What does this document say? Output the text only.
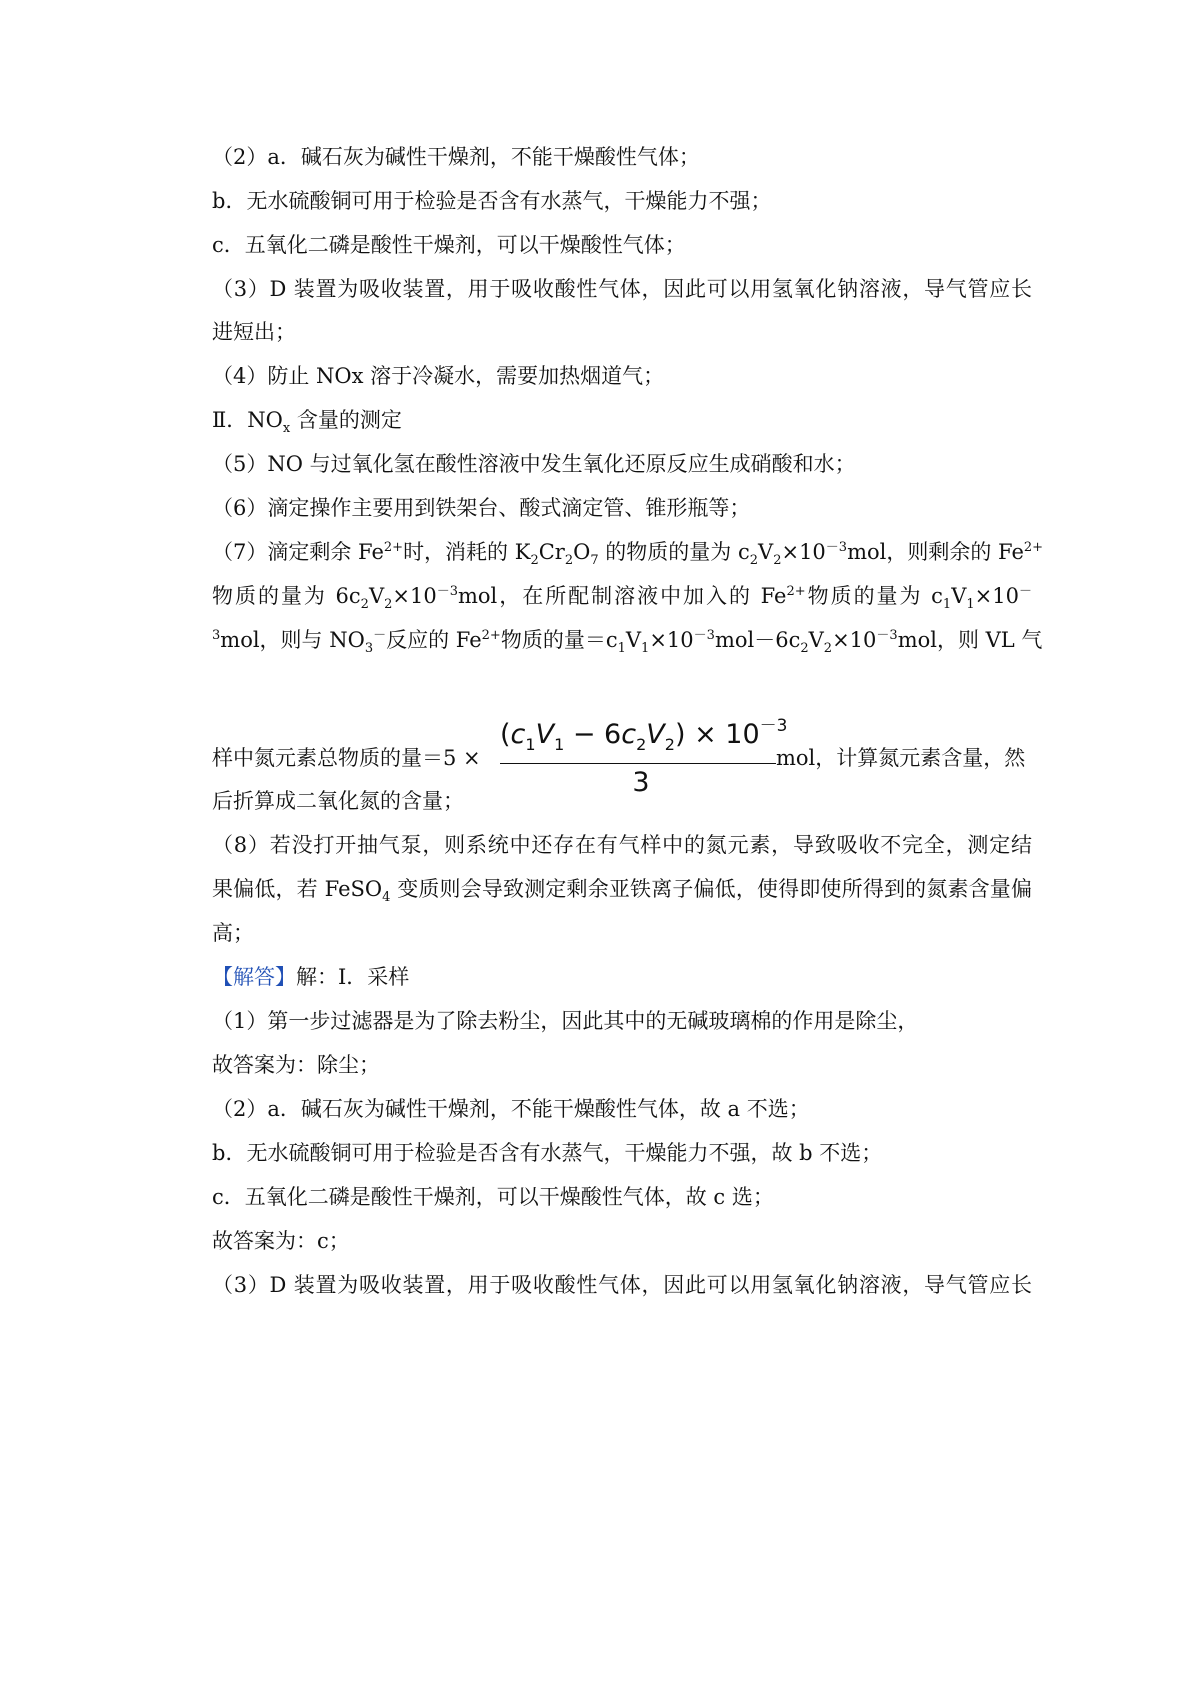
（2）a．碱石灰为碱性干燥剂，不能干燥酸性气体；
b．无水硫酸铜可用于检验是否含有水蒸气，干燥能力不强；
c．五氧化二磷是酸性干燥剂，可以干燥酸性气体；
（3）D 装置为吸收装置，用于吸收酸性气体，因此可以用氢氧化钠溶液，导气管应长
进短出；
（4）防止 NOx 溶于冷凝水，需要加热烟道气；
Ⅱ．$NO_x$ 含量的测定
（5）NO 与过氧化氢在酸性溶液中发生氧化还原反应生成硝酸和水；
（6）滴定操作主要用到铁架台、酸式滴定管、锥形瓶等；
（7）滴定剩余 $Fe^{2+}$时，消耗的 $K_2Cr_2O_7$ 的物质的量为 $c_2V_2\times 10^{-3}mol$，则剩余的 $Fe^{2+}$
物质的量为 $6c_2V_2\times 10^{-3}mol$，在所配制溶液中加入的 $Fe^{2+}$物质的量为 $c_1V_1\times 10^-$
$^3$mol，则与 $NO_3^-$反应的 $Fe^{2+}$物质的量$=c_1V_1\times 10^{-3}mol-6c_2V_2\times 10^{-3}mol$，则 VL 气
样中氮元素总物质的量＝5 ×
$(c_1V_1 - 6c_2V_2) \times 10^{-3}$
3
mol，计算氮元素含量，然
后折算成二氧化氮的含量；
（8）若没打开抽气泵，则系统中还存在有气样中的氮元素，导致吸收不完全，测定结
果偏低，若 FeSO$_4$ 变质则会导致测定剩余亚铁离子偏低，使得即使所得到的氮素含量偏
高；
【解答】解：Ⅰ．采样
（1）第一步过滤器是为了除去粉尘，因此其中的无碱玻璃棉的作用是除尘，
故答案为：除尘；
（2）a．碱石灰为碱性干燥剂，不能干燥酸性气体，故 a 不选；
b．无水硫酸铜可用于检验是否含有水蒸气，干燥能力不强，故 b 不选；
c．五氧化二磷是酸性干燥剂，可以干燥酸性气体，故 c 选；
故答案为：c；
（3）D 装置为吸收装置，用于吸收酸性气体，因此可以用氢氧化钠溶液，导气管应长
